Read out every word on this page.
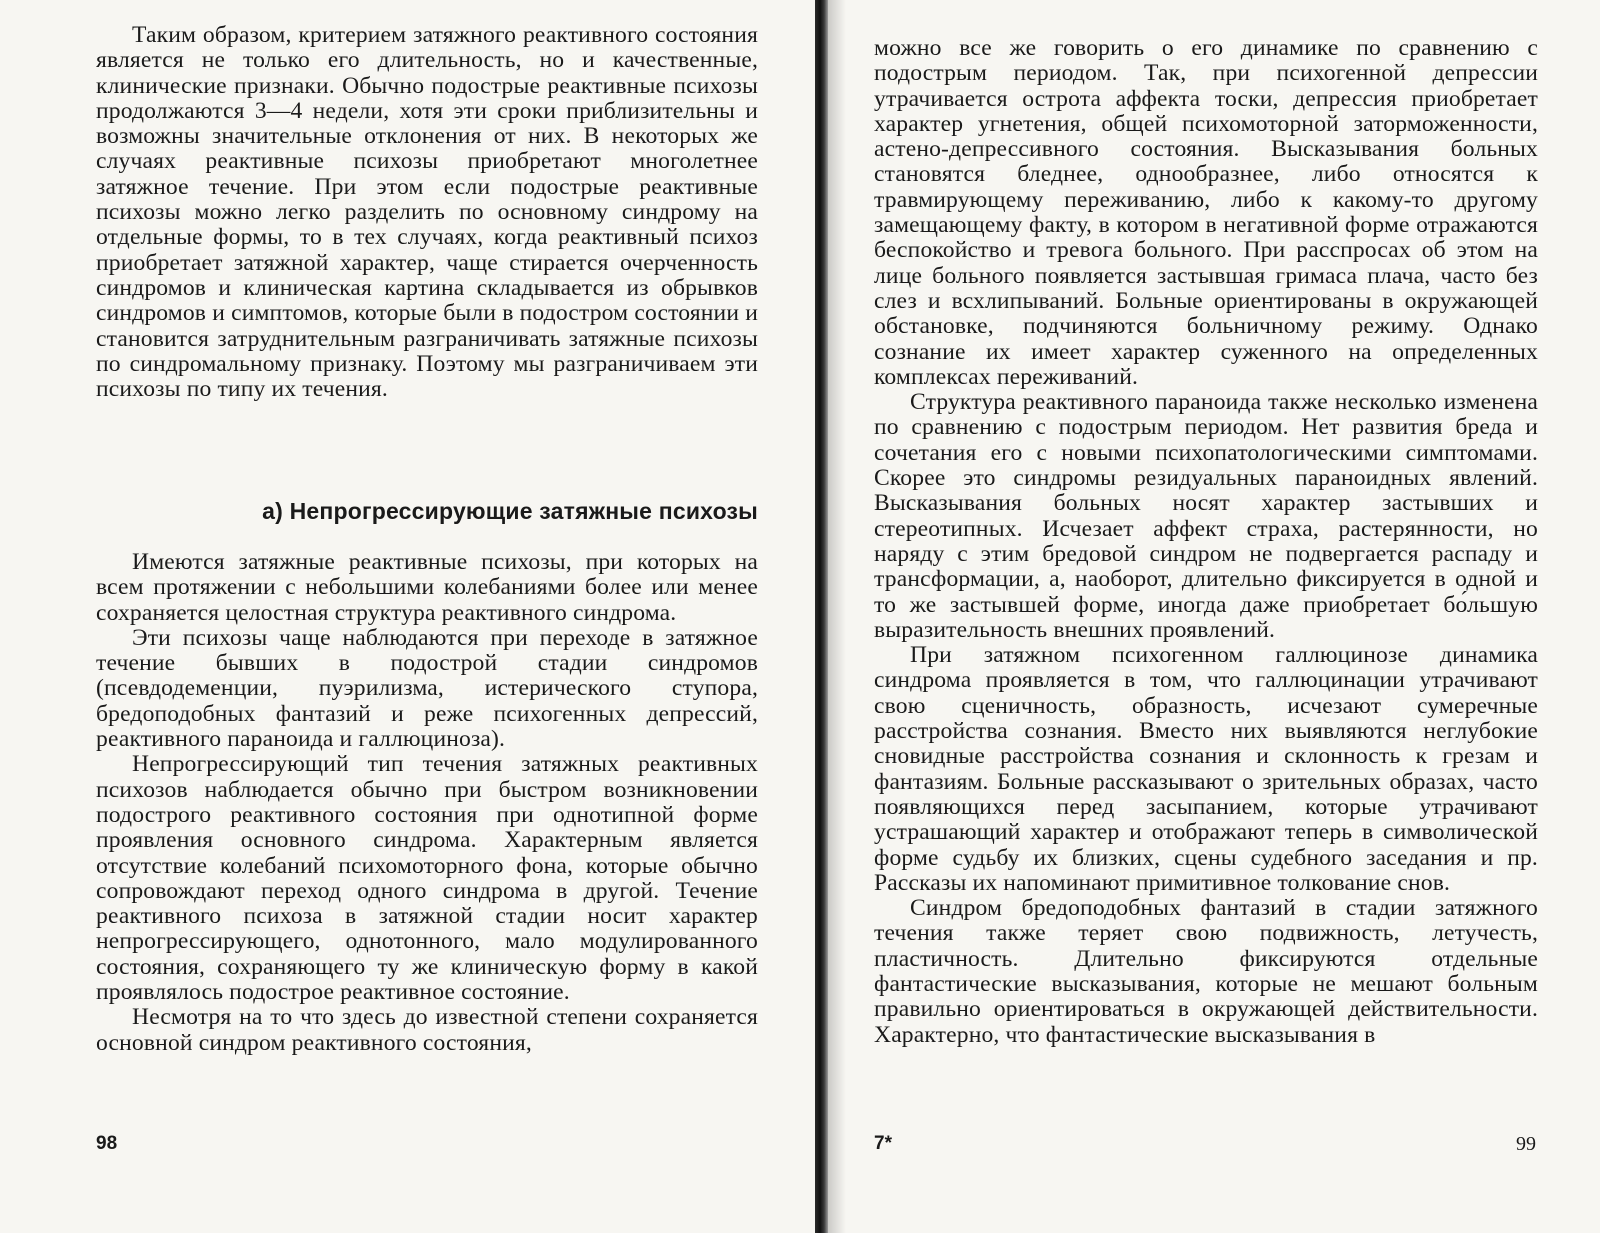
Таким образом, критерием затяжного реактивного состояния является не только его длительность, но и качественные, клинические признаки. Обычно подострые реактивные психозы продолжаются 3—4 недели, хотя эти сроки приблизительны и возможны значительные отклонения от них. В некоторых же случаях реактивные психозы приобретают многолетнее затяжное течение. При этом если подострые реактивные психозы можно легко разделить по основному синдрому на отдельные формы, то в тех случаях, когда реактивный психоз приобретает затяжной характер, чаще стирается очерченность синдромов и клиническая картина складывается из обрывков синдромов и симптомов, которые были в подостром состоянии и становится затруднительным разграничивать затяжные психозы по синдромальному признаку. Поэтому мы разграничиваем эти психозы по типу их течения.

а) Непрогрессирующие затяжные психозы

Имеются затяжные реактивные психозы, при которых на всем протяжении с небольшими колебаниями более или менее сохраняется целостная структура реактивного синдрома.

Эти психозы чаще наблюдаются при переходе в затяжное течение бывших в подострой стадии синдромов (псевдодеменции, пуэрилизма, истерического ступора, бредоподобных фантазий и реже психогенных депрессий, реактивного параноида и галлюциноза).

Непрогрессирующий тип течения затяжных реактивных психозов наблюдается обычно при быстром возникновении подострого реактивного состояния при однотипной форме проявления основного синдрома. Характерным является отсутствие колебаний психомоторного фона, которые обычно сопровождают переход одного синдрома в другой. Течение реактивного психоза в затяжной стадии носит характер непрогрессирующего, однотонного, мало модулированного состояния, сохраняющего ту же клиническую форму в какой проявлялось подострое реактивное состояние.

Несмотря на то что здесь до известной степени сохраняется основной синдром реактивного состояния,

98

можно все же говорить о его динамике по сравнению с подострым периодом. Так, при психогенной депрессии утрачивается острота аффекта тоски, депрессия приобретает характер угнетения, общей психомоторной заторможенности, астено-депрессивного состояния. Высказывания больных становятся бледнее, однообразнее, либо относятся к травмирующему переживанию, либо к какому-то другому замещающему факту, в котором в негативной форме отражаются беспокойство и тревога больного. При расспросах об этом на лице больного появляется застывшая гримаса плача, часто без слез и всхлипываний. Больные ориентированы в окружающей обстановке, подчиняются больничному режиму. Однако сознание их имеет характер суженного на определенных комплексах переживаний.

Структура реактивного параноида также несколько изменена по сравнению с подострым периодом. Нет развития бреда и сочетания его с новыми психопатологическими симптомами. Скорее это синдромы резидуальных параноидных явлений. Высказывания больных носят характер застывших и стереотипных. Исчезает аффект страха, растерянности, но наряду с этим бредовой синдром не подвергается распаду и трансформации, а, наоборот, длительно фиксируется в одной и то же застывшей форме, иногда даже приобретает бо́льшую выразительность внешних проявлений.

При затяжном психогенном галлюцинозе динамика синдрома проявляется в том, что галлюцинации утрачивают свою сценичность, образность, исчезают сумеречные расстройства сознания. Вместо них выявляются неглубокие сновидные расстройства сознания и склонность к грезам и фантазиям. Больные рассказывают о зрительных образах, часто появляющихся перед засыпанием, которые утрачивают устрашающий характер и отображают теперь в символической форме судьбу их близких, сцены судебного заседания и пр. Рассказы их напоминают примитивное толкование снов.

Синдром бредоподобных фантазий в стадии затяжного течения также теряет свою подвижность, летучесть, пластичность. Длительно фиксируются отдельные фантастические высказывания, которые не мешают больным правильно ориентироваться в окружающей действительности. Характерно, что фантастические высказывания в

7*	99
